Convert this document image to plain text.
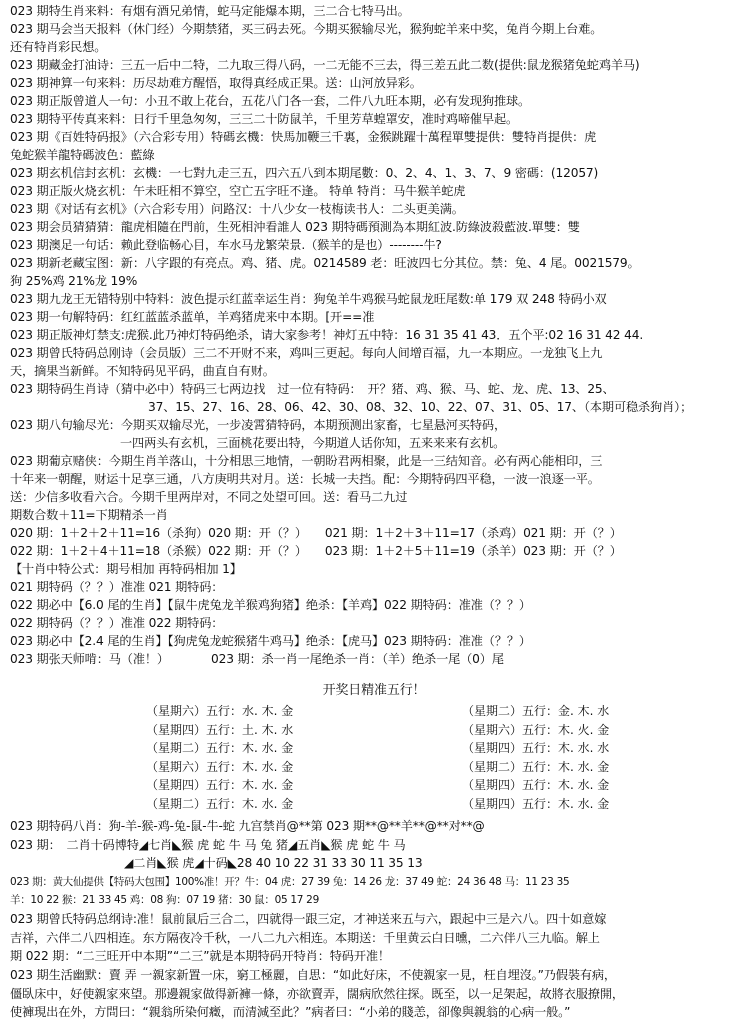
023 期特生肖来料：有烟有酒兄弟情，蛇马定能爆本期，三二合七特马出。
023 期马会当天报料（休门经）今期禁猪，买三码去死。今期买猴输尽光，猴狗蛇羊来中奖，兔肖今期上台难。
还有特肖彩民想。
023 期藏金打油诗：三五一后中二特，二九取三得八码，一二无能不三去，得三差五此二数(提供:鼠龙猴猪兔蛇鸡羊马)
023 期神算一句来料：历尽劫难方醒悟，取得真经成正果。送：山河放异彩。
023 期正版曾道人一句：小丑不敢上花台，五花八门各一套，二件八九旺本期，必有发现狗推球。
023 期特平传真来料：日行千里急匆匆，三三二十防鼠羊，千里芳草蝗罩安，准时鸡啼催早起。
023 期《百姓特码报》（六合彩专用）特碼玄機：快馬加鞭三千裏，金猴跳躍十萬程單雙提供：雙特肖提供：虎
兔蛇猴羊龍特碼波色：藍綠
023 期玄机信封玄机：玄機：一七對九走三五，四六五八到本期尾數：0、2、4、1、3、7、9 密碼：(12057)
023 期正版火烧玄机：午未旺相不算空，空亡五字旺不逢。 特单 特肖：马牛猴羊蛇虎
023 期《对话有玄机》（六合彩专用）问路汉：十八少女一枝梅读书人：二头更美满。
023 期会员猜猜猜：龍虎相隨在門前，生死相沖看誰人 023 期特碼預測為本期紅波.防綠波殺藍波.單雙：雙
023 期澳足一句话：赖此登临畅心目，车水马龙繁荣景.（猴羊的是也）--------牛?
023 期新老藏宝图：新：八字跟的有亮点。鸡、猪、虎。0214589 老：旺波四七分其位。禁：兔、4 尾。0021579。
狗 25%鸡 21%龙 19%
023 期九龙王无错特别中特料：波色提示红蓝幸运生肖：狗兔羊牛鸡猴马蛇鼠龙旺尾数:单 179 双 248 特码小双
023 期一句解特码：红红蓝蓝杀蓝单，羊鸡猪虎来中本期。[开==准
023 期正版神灯禁支:虎猴.此乃神灯特码绝杀，请大家参考！神灯五中特：16 31 35 41 43．五个平:02 16 31 42 44.
023 期曾氏特码总刚诗（会员版）三二不开财不来，鸡叫三更起。每向人间增百福，九一本期应。一龙独飞上九
天，摘果当新鲜。不知特码见平码，曲直自有财。
023 期特码生肖诗（猜中必中）特码三七两边找　过一位有特码：　开？猪、鸡、猴、马、蛇、龙、虎、13、25、
37、15、27、16、28、06、42、30、08、32、10、22、07、31、05、17、（本期可稳杀狗肖）；
023 期八句输尽光：今期买双输尽光，一步凌霄猜特码，本期预测出家畜，七星悬河买特码，
一四两头有玄机，三面桃花要出特，今期道人话你知，五来来来有玄机。
023 期葡京赌侠：今期生肖羊落山，十分相思三地情，一朝盼君两相聚，此是一三结知音。必有两心能相印，三
十年来一朝醒，财运十足享三通，八方庚明共对月。送：长城一夫挡。配：今期特码四平稳，一波一浪逐一平。
送：少信多收看六合。今期千里两岸对，不同之处望可回。送：看马二九过
期数合数＋11=下期精杀一肖
020 期：1＋2＋2＋11=16（杀狗）020 期：开（？）　　021 期：1＋2＋3＋11=17（杀鸡）021 期：开（？）
022 期：1＋2＋4＋11=18（杀猴）022 期：开（？）　　023 期：1＋2＋5＋11=19（杀羊）023 期：开（？）
【十肖中特公式：期号相加 再特码相加 1】
021 期特码（？？）准准 021 期特码：
022 期必中【6.0 尾的生肖】【鼠牛虎兔龙羊猴鸡狗猪】绝杀：【羊鸡】022 期特码：准准（？？）
022 期特码（？？）准准 022 期特码：
023 期必中【2.4 尾的生肖】【狗虎兔龙蛇猴猪牛鸡马】绝杀：【虎马】023 期特码：准准（？？）
023 期张天师啃：马（准！）　　　　023 期：杀一肖一尾绝杀一肖：（羊）绝杀一尾（0）尾
开奖日精准五行！
（星期六）五行：水. 木. 金	（星期二）五行：金. 木. 水
（星期四）五行：土. 木. 水	（星期六）五行：木. 火. 金
（星期二）五行：木. 水. 金	（星期四）五行：木. 水. 水
（星期六）五行：木. 水. 金	（星期二）五行：木. 水. 金
（星期四）五行：木. 水. 金	（星期四）五行：木. 水. 金
（星期二）五行：木. 水. 金	（星期四）五行：木. 水. 金
023 期特码八肖：狗-羊-猴-鸡-兔-鼠-牛-蛇 九宫禁肖@**第 023 期**@**羊**@**对**@
023 期：　二肖十码博特◢七肖◣猴 虎 蛇 牛 马 兔 猪◢五肖◣猴 虎 蛇 牛 马
◢二肖◣猴 虎◢十码◣28 40 10 22 31 33 30 11 35 13
023 期：黄大仙提供【特码大包围】100%准！开？牛：04 虎：27 39 兔：14 26 龙：37 49 蛇：24 36 48 马：11 23 35
羊：10 22 猴：21 33 45 鸡：08 狗：07 19 猪：30 鼠：05 17 29
023 期曾氏特码总纲诗:准！鼠前鼠后三合二，四就得一跟三定，才神送来五与六，跟起中三是六八。四十如意嫁
吉祥，六伴二八四相连。东方隔夜冷千秋，一八二九六相连。本期送：千里黄云白日曛，二六伴八三九临。解上
期 022 期：“二三旺开中本期”“二三”就是本期特码开特肖：特码开准！
023 期生活幽默：賣 弄 一親家新置一床，窮工極麗，自思：“如此好床，不使親家一見，枉自埋沒。”乃假裝有病，
僵臥床中，好使親家來望。那邊親家做得新褲一條，亦欲賣弄，闊病欣然往探。既至，以一足架起，故將衣服撩開，
使褲現出在外，方問曰：“親翁所染何癥，而清減至此？”病者曰：“小弟的賤恙，卻像與親翁的心病一般。”
